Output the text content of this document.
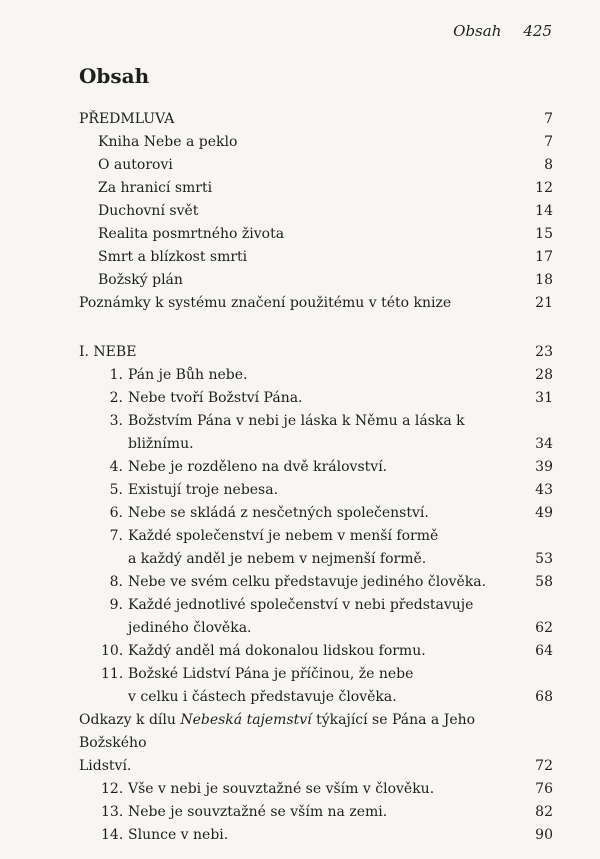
Obsah 425
Obsah
PŘEDMLUVA	7
Kniha Nebe a peklo	7
O autorovi	8
Za hranicí smrti	12
Duchovní svět	14
Realita posmrtného života	15
Smrt a blízkost smrti	17
Božský plán	18
Poznámky k systému značení použitému v této knize	21
I. NEBE	23
1. Pán je Bůh nebe.	28
2. Nebe tvoří Božství Pána.	31
3. Božstvím Pána v nebi je láska k Němu a láska k bližnímu.	34
4. Nebe je rozděleno na dvě království.	39
5. Existují troje nebesa.	43
6. Nebe se skládá z nesčetných společenství.	49
7. Každé společenství je nebem v menší formě
a každý anděl je nebem v nejmenší formě.	53
8. Nebe ve svém celku představuje jediného člověka.	58
9. Každé jednotlivé společenství v nebi představuje
jediného člověka.	62
10. Každý anděl má dokonalou lidskou formu.	64
11. Božské Lidství Pána je příčinou, že nebe
v celku i částech představuje člověka.	68
Odkazy k dílu Nebeská tajemství týkající se Pána a Jeho Božského
Lidství.	72
12. Vše v nebi je souvztažné se vším v člověku.	76
13. Nebe je souvztažné se vším na zemi.	82
14. Slunce v nebi.	90
